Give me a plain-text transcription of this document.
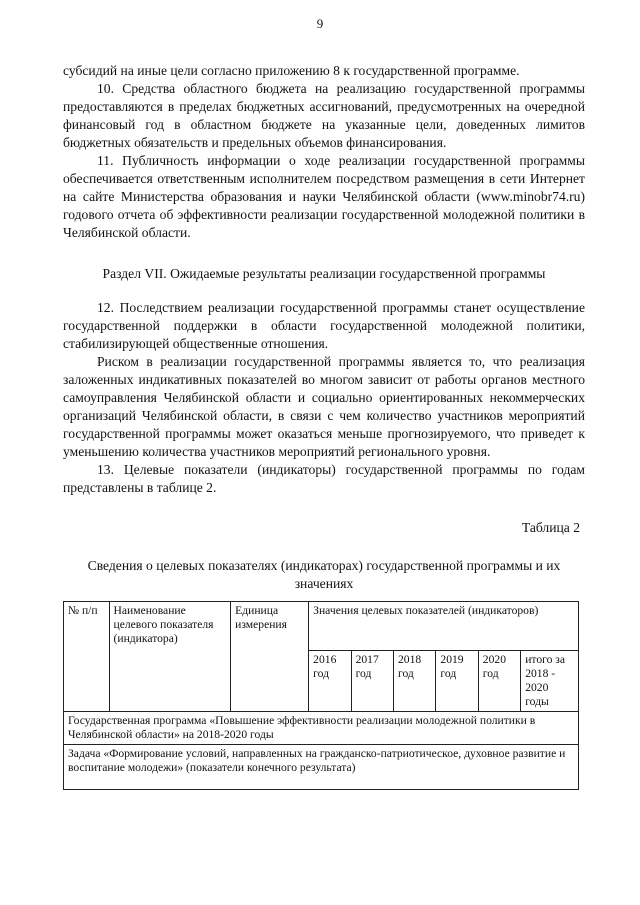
9

субсидий на иные цели согласно приложению 8 к государственной программе.

10. Средства областного бюджета на реализацию государственной программы предоставляются в пределах бюджетных ассигнований, предусмотренных на очередной финансовый год в областном бюджете на указанные цели, доведенных лимитов бюджетных обязательств и предельных объемов финансирования.

11. Публичность информации о ходе реализации государственной программы обеспечивается ответственным исполнителем посредством размещения в сети Интернет на сайте Министерства образования и науки Челябинской области (www.minobr74.ru) годового отчета об эффективности реализации государственной молодежной политики в Челябинской области.

Раздел VII. Ожидаемые результаты реализации государственной программы

12. Последствием реализации государственной программы станет осуществление государственной поддержки в области государственной молодежной политики, стабилизирующей общественные отношения.

Риском в реализации государственной программы является то, что реализация заложенных индикативных показателей во многом зависит от работы органов местного самоуправления Челябинской области и социально ориентированных некоммерческих организаций Челябинской области, в связи с чем количество участников мероприятий государственной программы может оказаться меньше прогнозируемого, что приведет к уменьшению количества участников мероприятий регионального уровня.

13. Целевые показатели (индикаторы) государственной программы по годам представлены в таблице 2.

Таблица 2
Сведения о целевых показателях (индикаторах) государственной программы и их значениях
№ п/п	Наименование целевого показателя (индикатора)	Единица измерения	Значения целевых показателей (индикаторов)					
			2016 год	2017 год	2018 год	2019 год	2020 год	итого за 2018 - 2020 годы
Государственная программа «Повышение эффективности реализации молодежной политики в Челябинской области» на 2018-2020 годы								
Задача «Формирование условий, направленных на гражданско-патриотическое, духовное развитие и воспитание молодежи» (показатели конечного результата)								
